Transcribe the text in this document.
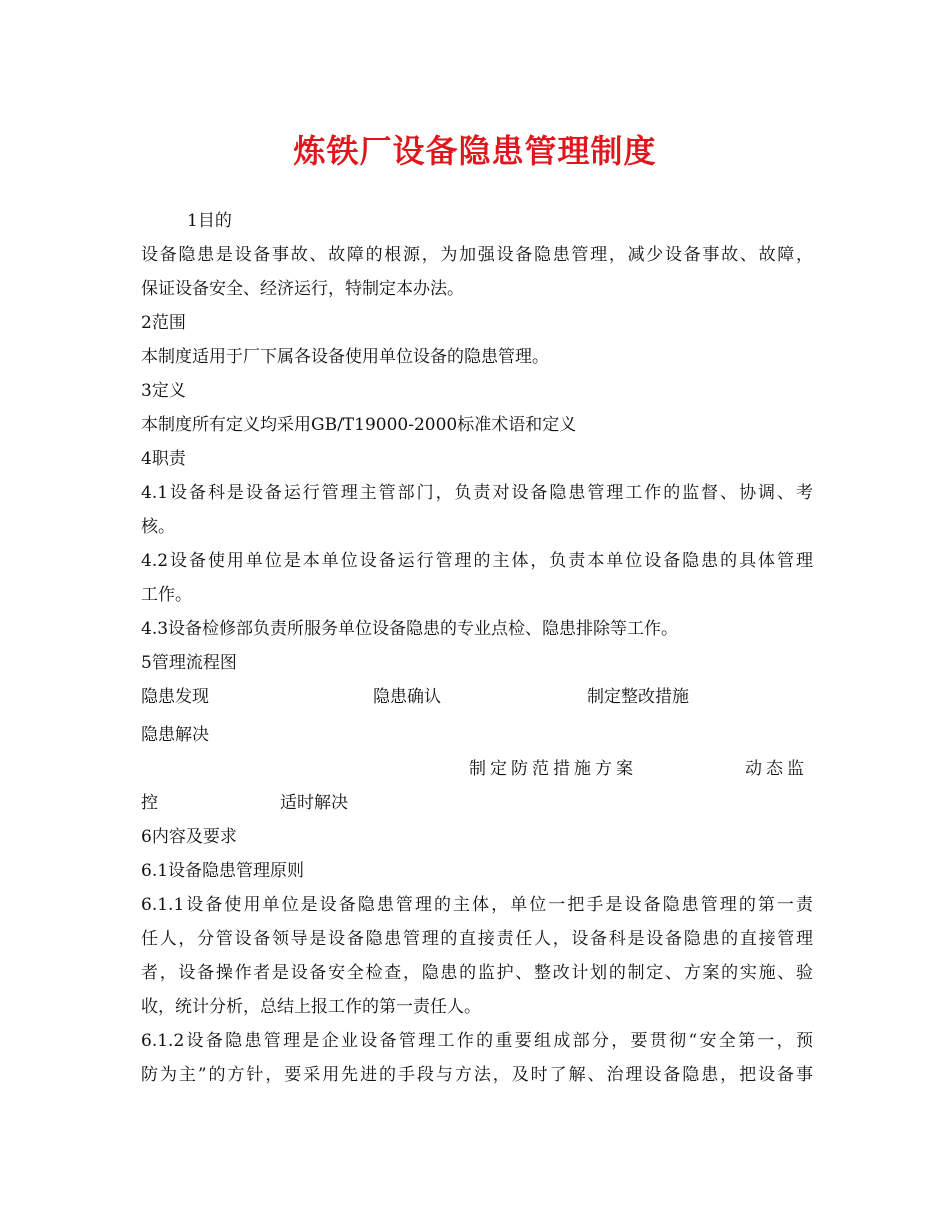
炼铁厂设备隐患管理制度
1目的
设备隐患是设备事故、故障的根源，为加强设备隐患管理，减少设备事故、故障，
保证设备安全、经济运行，特制定本办法。
2范围
本制度适用于厂下属各设备使用单位设备的隐患管理。
3定义
本制度所有定义均采用GB/T19000-2000标准术语和定义
4职责
4.1设备科是设备运行管理主管部门，负责对设备隐患管理工作的监督、协调、考
核。
4.2设备使用单位是本单位设备运行管理的主体，负责本单位设备隐患的具体管理
工作。
4.3设备检修部负责所服务单位设备隐患的专业点检、隐患排除等工作。
5管理流程图
隐患发现	隐患确认	制定整改措施
隐患解决
制定防范措施方案	动态监
控	适时解决
6内容及要求
6.1设备隐患管理原则
6.1.1设备使用单位是设备隐患管理的主体，单位一把手是设备隐患管理的第一责
任人，分管设备领导是设备隐患管理的直接责任人，设备科是设备隐患的直接管理
者，设备操作者是设备安全检查，隐患的监护、整改计划的制定、方案的实施、验
收，统计分析，总结上报工作的第一责任人。
6.1.2设备隐患管理是企业设备管理工作的重要组成部分，要贯彻“安全第一，预
防为主”的方针，要采用先进的手段与方法，及时了解、治理设备隐患，把设备事
